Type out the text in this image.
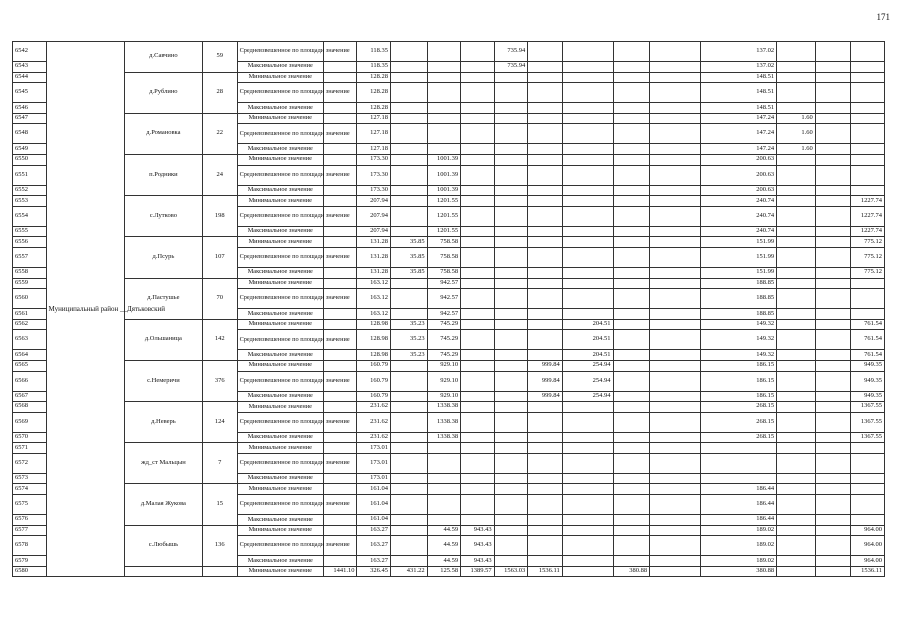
171
6542	Муниципальный район __Дятьковский	д.Савчино	59	Средневзвешенное по площади значение		118.35				735.94					137.02			
6543				Максимальное значение		118.35				735.94					137.02			
6544		д.Рублино	28	Минимальное значение		128.28									148.51			
6545				Средневзвешенное по площади значение		128.28									148.51			
6546				Максимальное значение		128.28									148.51			
6547		д.Романовка	22	Минимальное значение		127.18									147.24	1.60		
6548				Средневзвешенное по площади значение		127.18									147.24	1.60		
6549				Максимальное значение		127.18									147.24	1.60		
6550		п.Родники	24	Минимальное значение		173.30		1001.39							200.63			
6551				Средневзвешенное по площади значение		173.30		1001.39							200.63			
6552				Максимальное значение		173.30		1001.39							200.63			
6553		с.Лутково	198	Минимальное значение		207.94		1201.55							240.74			1227.74
6554				Средневзвешенное по площади значение		207.94		1201.55							240.74			1227.74
6555				Максимальное значение		207.94		1201.55							240.74			1227.74
6556		д.Псурь	107	Минимальное значение		131.28	35.85	758.58							151.99			775.12
6557				Средневзвешенное по площади значение		131.28	35.85	758.58							151.99			775.12
6558				Максимальное значение		131.28	35.85	758.58							151.99			775.12
6559		д.Пастушье	70	Минимальное значение		163.12		942.57							188.85			
6560				Средневзвешенное по площади значение		163.12		942.57							188.85			
6561				Максимальное значение		163.12		942.57							188.85			
6562		д.Ольшаница	142	Минимальное значение		128.98	35.23	745.29				204.51			149.32			761.54
6563				Средневзвешенное по площади значение		128.98	35.23	745.29				204.51			149.32			761.54
6564				Максимальное значение		128.98	35.23	745.29				204.51			149.32			761.54
6565		с.Немеричи	376	Минимальное значение		160.79		929.10			999.84	254.94			186.15			949.35
6566				Средневзвешенное по площади значение		160.79		929.10			999.84	254.94			186.15			949.35
6567				Максимальное значение		160.79		929.10			999.84	254.94			186.15			949.35
6568		д.Неверь	124	Минимальное значение		231.62		1338.38							268.15			1367.55
6569				Средневзвешенное по площади значение		231.62		1338.38							268.15			1367.55
6570				Максимальное значение		231.62		1338.38							268.15			1367.55
6571		жд_ст Мальцын	7	Минимальное значение		173.01												
6572				Средневзвешенное по площади значение		173.01												
6573				Максимальное значение		173.01												
6574		д.Малая Жукова	15	Минимальное значение		161.04									186.44			
6575				Средневзвешенное по площади значение		161.04									186.44			
6576				Максимальное значение		161.04									186.44			
6577		с.Любышь	136	Минимальное значение		163.27		44.59	943.43						189.02			964.00
6578				Средневзвешенное по площади значение		163.27		44.59	943.43						189.02			964.00
6579				Максимальное значение		163.27		44.59	943.43						189.02			964.00
6580				Минимальное значение	1441.10	326.45	431.22	125.58	1389.57	1563.03	1536.11		380.88		380.88			1536.11
